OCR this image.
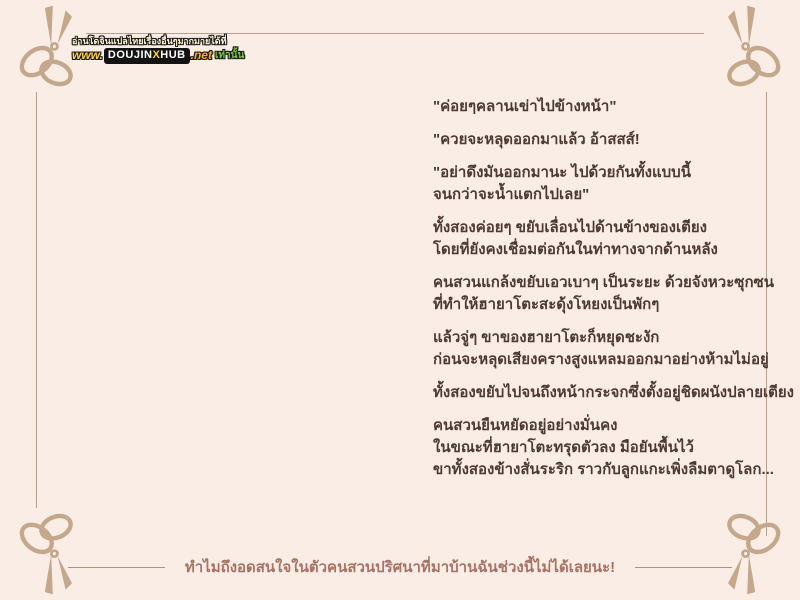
อ่านโดจินแปลไทยเรื่องอื่นๆมากมายได้ที่
www. DOUJINXHUB .net เท่านั้น
"ค่อยๆคลานเข่าไปข้างหน้า"
"ควยจะหลุดออกมาแล้ว อ้าสสส์!
"อย่าดึงมันออกมานะ ไปด้วยกันทั้งแบบนี้
จนกว่าจะน้ำแตกไปเลย"
ทั้งสองค่อยๆ ขยับเลื่อนไปด้านข้างของเตียง
โดยที่ยังคงเชื่อมต่อกันในท่าทางจากด้านหลัง
คนสวนแกล้งขยับเอวเบาๆ เป็นระยะ ด้วยจังหวะซุกซน
ที่ทำให้ฮายาโตะสะดุ้งโหยงเป็นพักๆ
แล้วจู่ๆ ขาของฮายาโตะก็หยุดชะงัก
ก่อนจะหลุดเสียงครางสูงแหลมออกมาอย่างห้ามไม่อยู่
ทั้งสองขยับไปจนถึงหน้ากระจกซึ่งตั้งอยู่ชิดผนังปลายเตียง
คนสวนยืนหยัดอยู่อย่างมั่นคง
ในขณะที่ฮายาโตะทรุดตัวลง มือยันพื้นไว้
ขาทั้งสองข้างสั่นระริก ราวกับลูกแกะเพิ่งลืมตาดูโลก...
ทำไมถึงอดสนใจในตัวคนสวนปริศนาที่มาบ้านฉันช่วงนี้ไม่ได้เลยนะ!
